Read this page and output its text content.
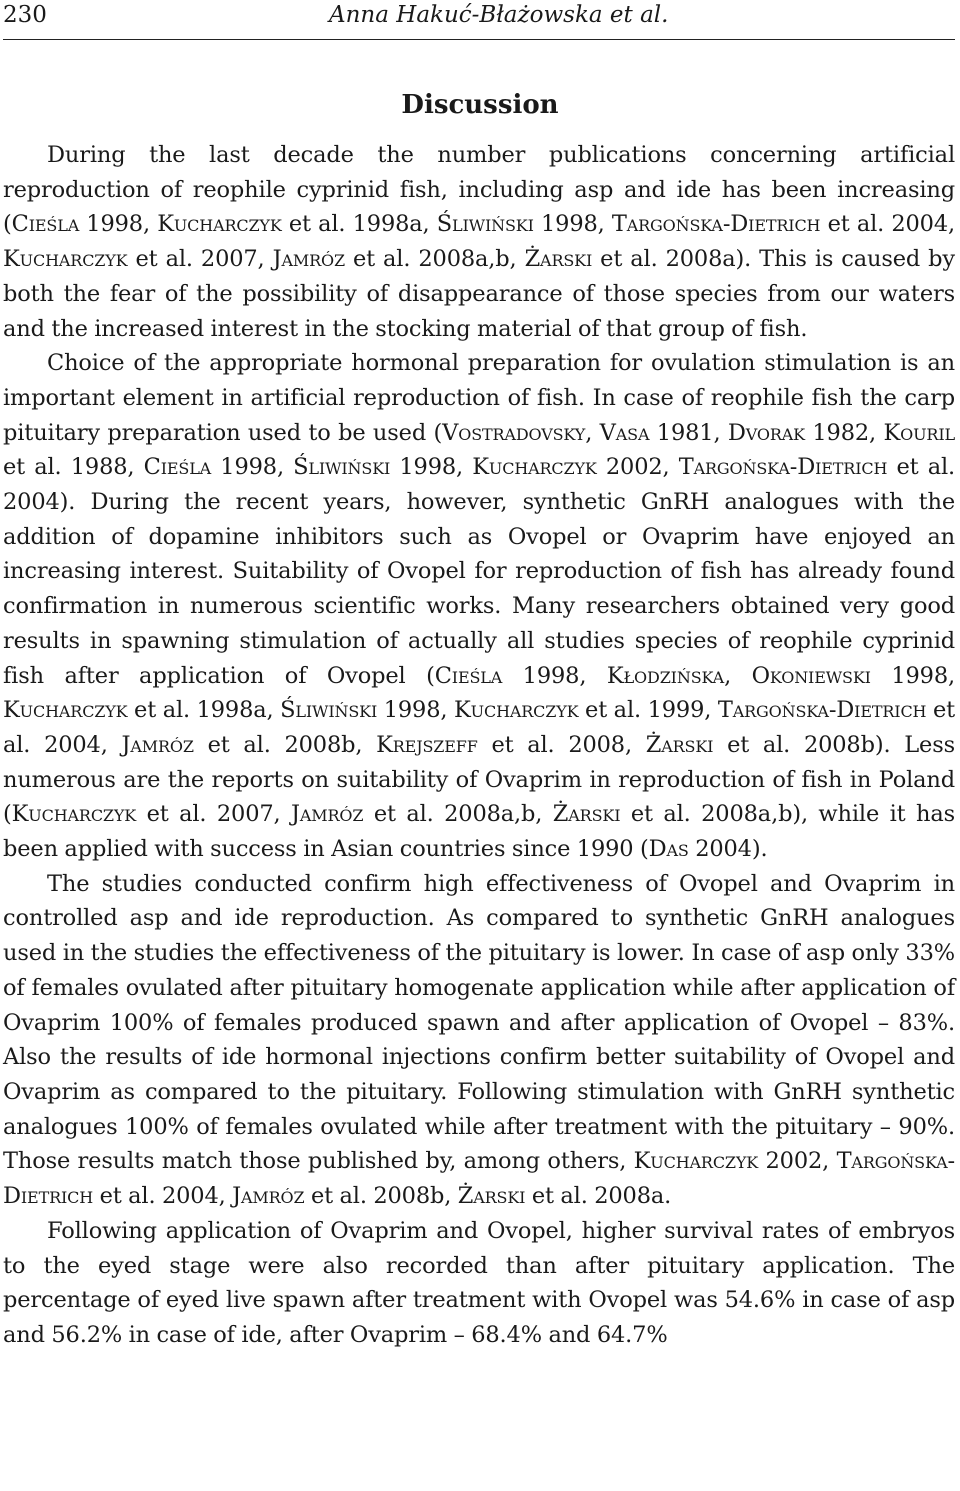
230	Anna Hakuć-Błażowska et al.
Discussion

During the last decade the number publications concerning artificial reproduction of reophile cyprinid fish, including asp and ide has been increasing (Cieśla 1998, Kucharczyk et al. 1998a, Śliwiński 1998, Targońska-Dietrich et al. 2004, Kucharczyk et al. 2007, Jamróz et al. 2008a,b, Żarski et al. 2008a). This is caused by both the fear of the possibility of disappearance of those species from our waters and the increased interest in the stocking material of that group of fish.

Choice of the appropriate hormonal preparation for ovulation stimulation is an important element in artificial reproduction of fish. In case of reophile fish the carp pituitary preparation used to be used (Vostradovsky, Vasa 1981, Dvorak 1982, Kouril et al. 1988, Cieśla 1998, Śliwiński 1998, Kucharczyk 2002, Targońska-Dietrich et al. 2004). During the recent years, however, synthetic GnRH analogues with the addition of dopamine inhibitors such as Ovopel or Ovaprim have enjoyed an increasing interest. Suitability of Ovopel for reproduction of fish has already found confirmation in numerous scientific works. Many researchers obtained very good results in spawning stimulation of actually all studies species of reophile cyprinid fish after application of Ovopel (Cieśla 1998, Kłodzińska, Okoniewski 1998, Kucharczyk et al. 1998a, Śliwiński 1998, Kucharczyk et al. 1999, Targońska-Dietrich et al. 2004, Jamróz et al. 2008b, Krejszeff et al. 2008, Żarski et al. 2008b). Less numerous are the reports on suitability of Ovaprim in reproduction of fish in Poland (Kucharczyk et al. 2007, Jamróz et al. 2008a,b, Żarski et al. 2008a,b), while it has been applied with success in Asian countries since 1990 (Das 2004).

The studies conducted confirm high effectiveness of Ovopel and Ovaprim in controlled asp and ide reproduction. As compared to synthetic GnRH analogues used in the studies the effectiveness of the pituitary is lower. In case of asp only 33% of females ovulated after pituitary homogenate application while after application of Ovaprim 100% of females produced spawn and after application of Ovopel – 83%. Also the results of ide hormonal injections confirm better suitability of Ovopel and Ovaprim as compared to the pituitary. Following stimulation with GnRH synthetic analogues 100% of females ovulated while after treatment with the pituitary – 90%. Those results match those published by, among others, Kucharczyk 2002, Targońska-Dietrich et al. 2004, Jamróz et al. 2008b, Żarski et al. 2008a.

Following application of Ovaprim and Ovopel, higher survival rates of embryos to the eyed stage were also recorded than after pituitary application. The percentage of eyed live spawn after treatment with Ovopel was 54.6% in case of asp and 56.2% in case of ide, after Ovaprim – 68.4% and 64.7%
